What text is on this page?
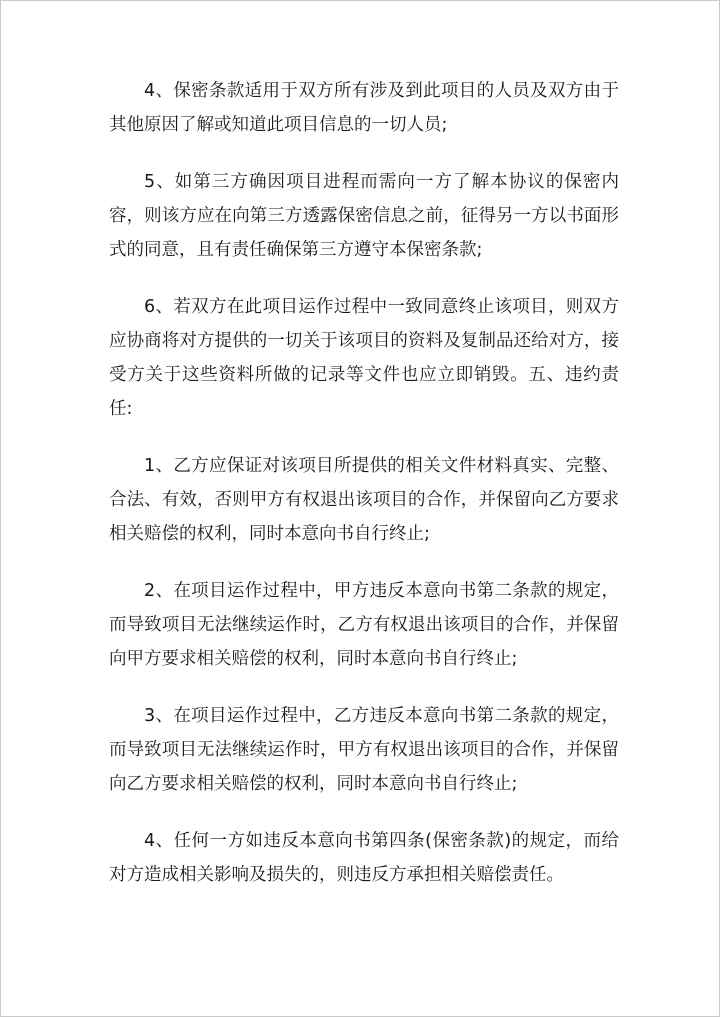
4、保密条款适用于双方所有涉及到此项目的人员及双方由于其他原因了解或知道此项目信息的一切人员;

5、如第三方确因项目进程而需向一方了解本协议的保密内容，则该方应在向第三方透露保密信息之前，征得另一方以书面形式的同意，且有责任确保第三方遵守本保密条款;

6、若双方在此项目运作过程中一致同意终止该项目，则双方应协商将对方提供的一切关于该项目的资料及复制品还给对方，接受方关于这些资料所做的记录等文件也应立即销毁。五、违约责任:

1、乙方应保证对该项目所提供的相关文件材料真实、完整、合法、有效，否则甲方有权退出该项目的合作，并保留向乙方要求相关赔偿的权利，同时本意向书自行终止;

2、在项目运作过程中，甲方违反本意向书第二条款的规定，而导致项目无法继续运作时，乙方有权退出该项目的合作，并保留向甲方要求相关赔偿的权利，同时本意向书自行终止;

3、在项目运作过程中，乙方违反本意向书第二条款的规定，而导致项目无法继续运作时，甲方有权退出该项目的合作，并保留向乙方要求相关赔偿的权利，同时本意向书自行终止;

4、任何一方如违反本意向书第四条(保密条款)的规定，而给对方造成相关影响及损失的，则违反方承担相关赔偿责任。
